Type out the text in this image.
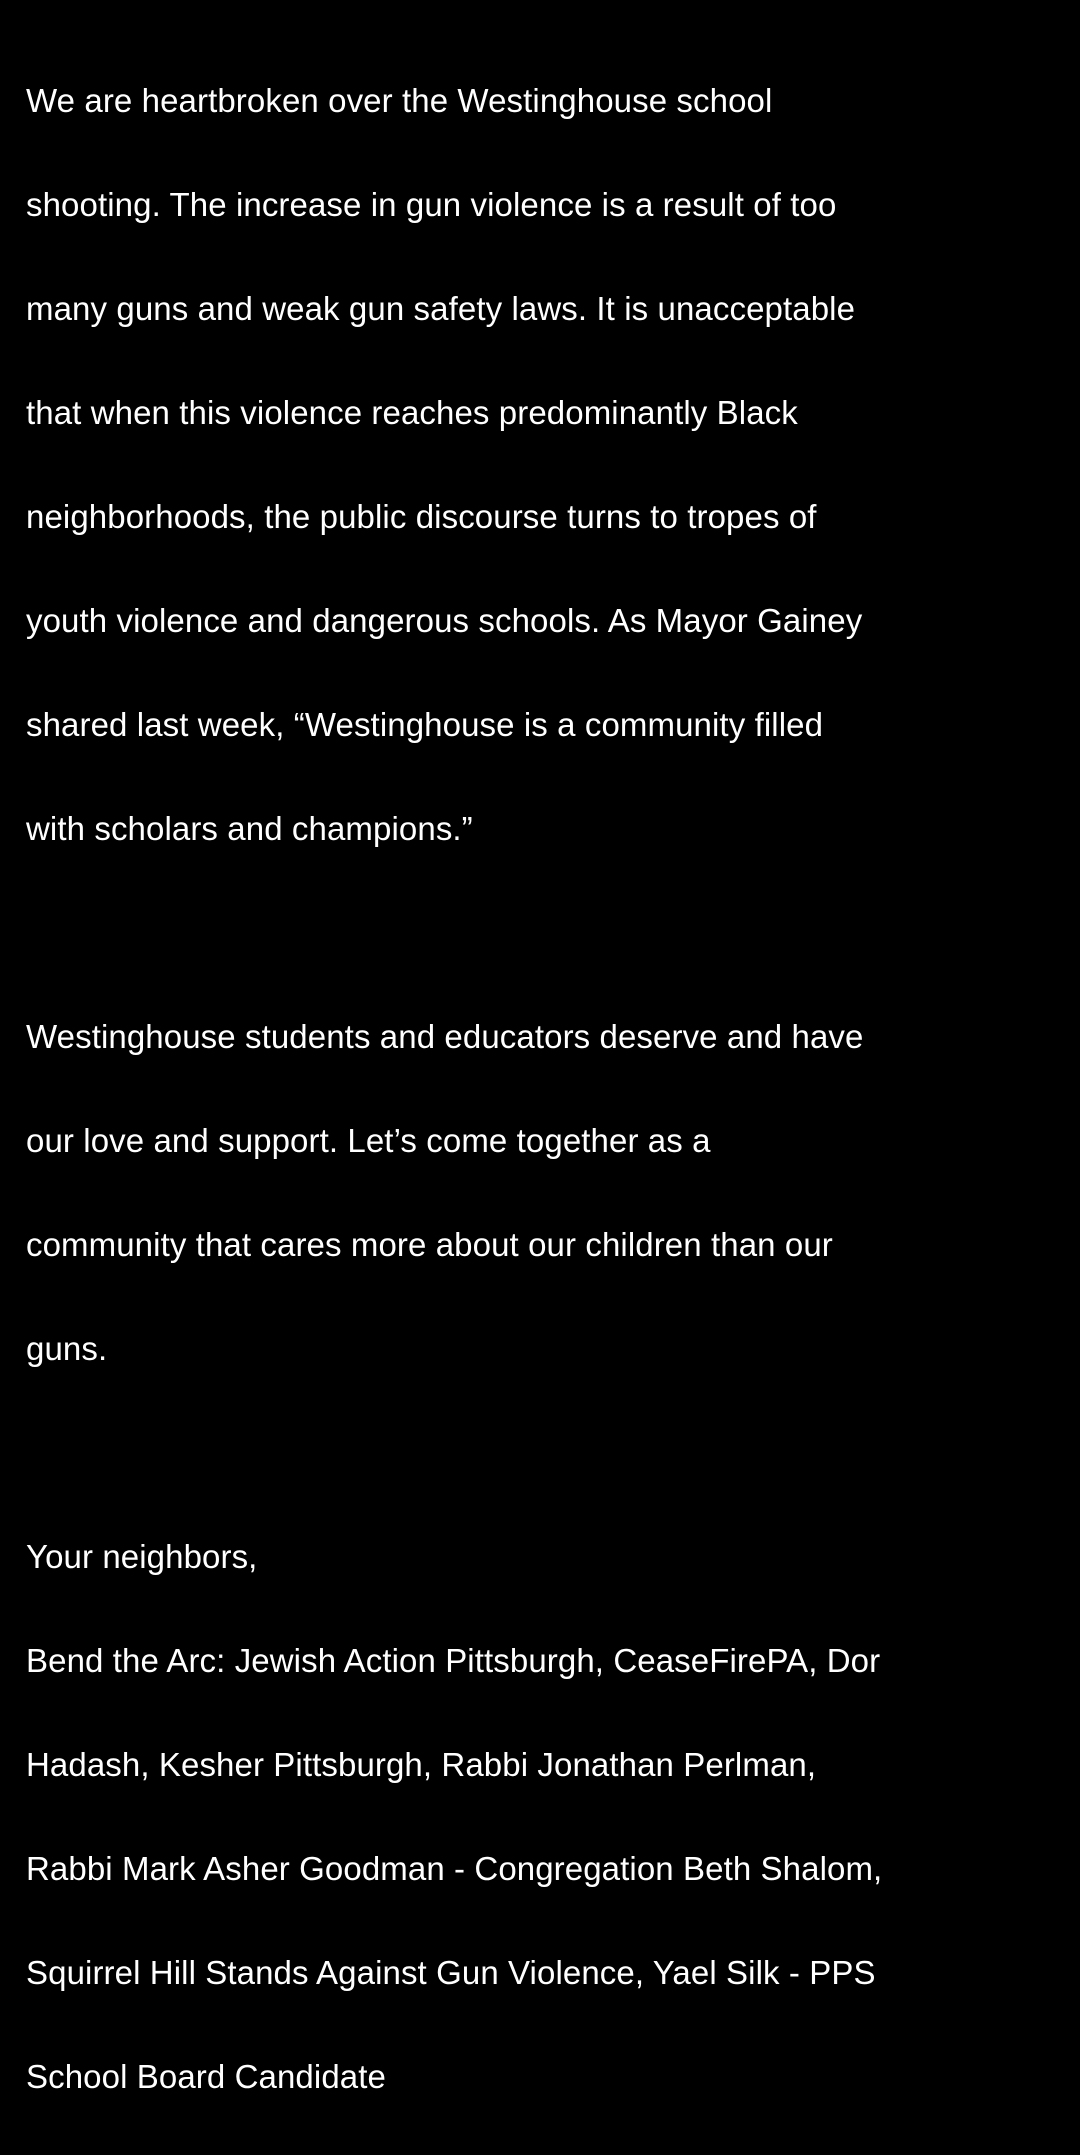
We are heartbroken over the Westinghouse school

shooting. The increase in gun violence is a result of too

many guns and weak gun safety laws. It is unacceptable

that when this violence reaches predominantly Black

neighborhoods, the public discourse turns to tropes of

youth violence and dangerous schools. As Mayor Gainey

shared last week, “Westinghouse is a community filled

with scholars and champions.”

Westinghouse students and educators deserve and have

our love and support. Let’s come together as a

community that cares more about our children than our

guns.

Your neighbors,

Bend the Arc: Jewish Action Pittsburgh, CeaseFirePA, Dor

Hadash, Kesher Pittsburgh, Rabbi Jonathan Perlman,

Rabbi Mark Asher Goodman - Congregation Beth Shalom,

Squirrel Hill Stands Against Gun Violence, Yael Silk - PPS

School Board Candidate
